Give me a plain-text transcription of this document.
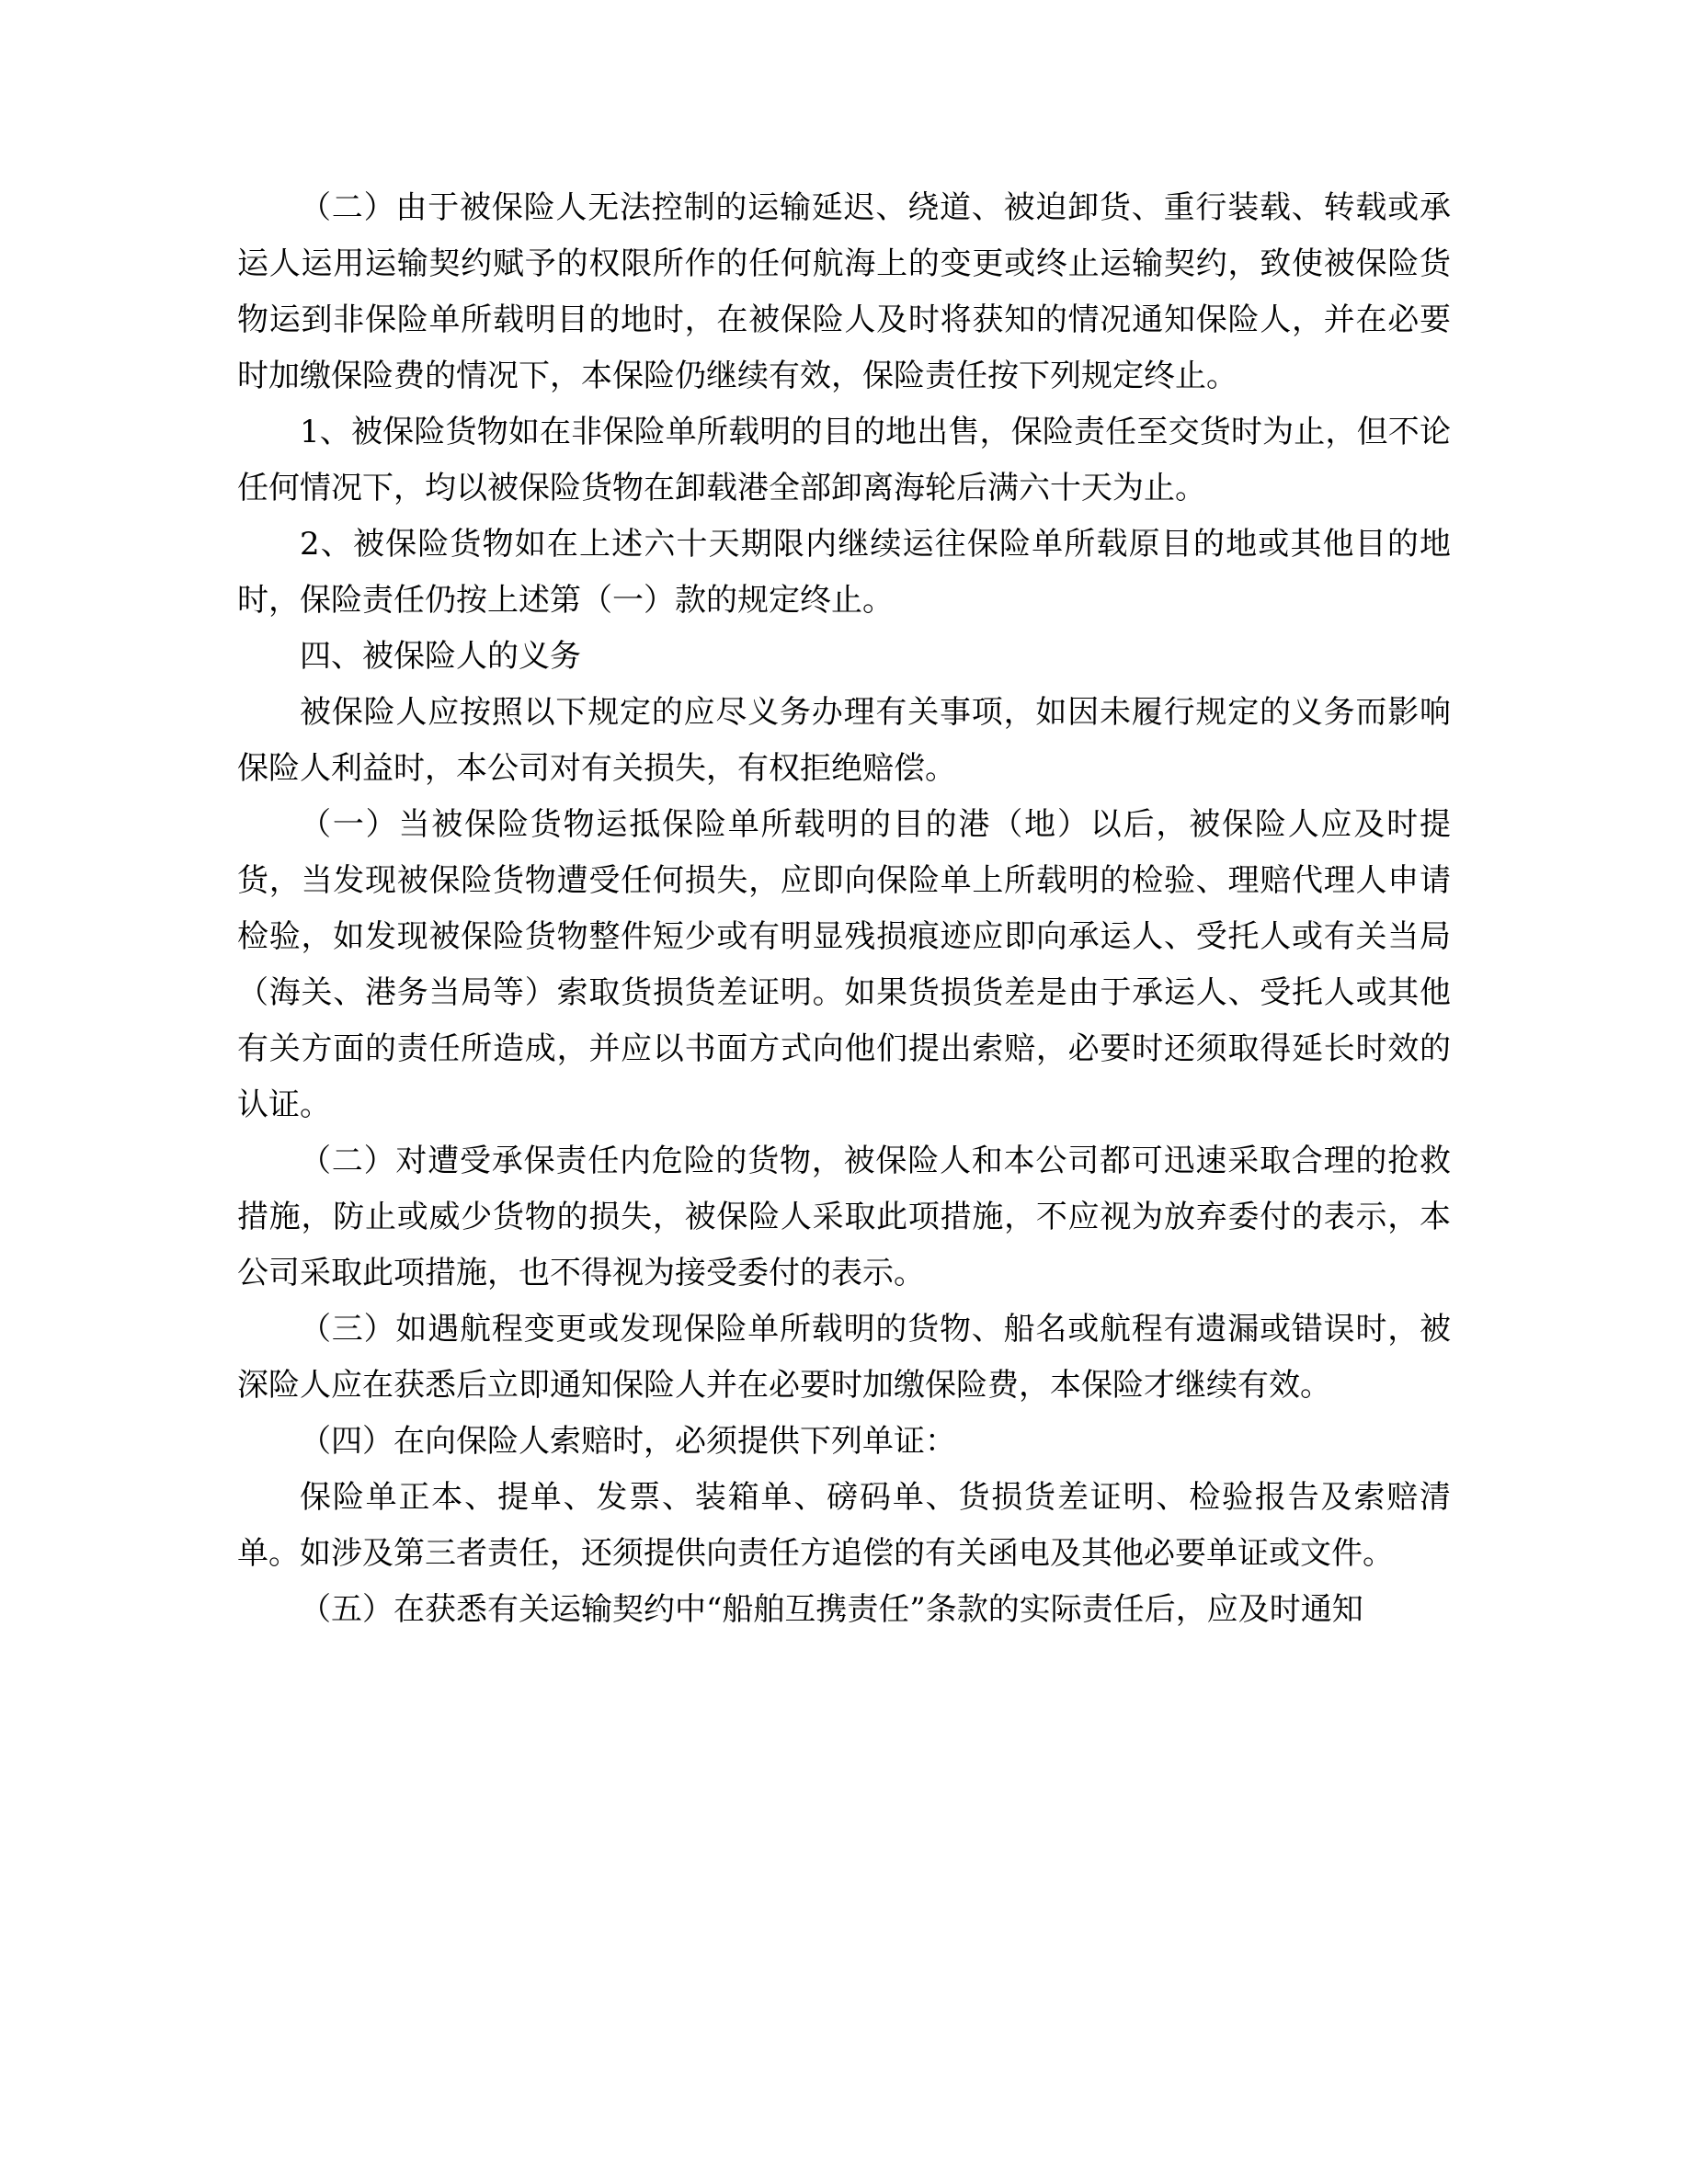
（二）由于被保险人无法控制的运输延迟、绕道、被迫卸货、重行装载、转载或承运人运用运输契约赋予的权限所作的任何航海上的变更或终止运输契约，致使被保险货物运到非保险单所载明目的地时，在被保险人及时将获知的情况通知保险人，并在必要时加缴保险费的情况下，本保险仍继续有效，保险责任按下列规定终止。

1、被保险货物如在非保险单所载明的目的地出售，保险责任至交货时为止，但不论任何情况下，均以被保险货物在卸载港全部卸离海轮后满六十天为止。

2、被保险货物如在上述六十天期限内继续运往保险单所载原目的地或其他目的地时，保险责任仍按上述第（一）款的规定终止。

四、被保险人的义务

被保险人应按照以下规定的应尽义务办理有关事项，如因未履行规定的义务而影响保险人利益时，本公司对有关损失，有权拒绝赔偿。

（一）当被保险货物运抵保险单所载明的目的港（地）以后，被保险人应及时提货，当发现被保险货物遭受任何损失，应即向保险单上所载明的检验、理赔代理人申请检验，如发现被保险货物整件短少或有明显残损痕迹应即向承运人、受托人或有关当局（海关、港务当局等）索取货损货差证明。如果货损货差是由于承运人、受托人或其他有关方面的责任所造成，并应以书面方式向他们提出索赔，必要时还须取得延长时效的认证。

（二）对遭受承保责任内危险的货物，被保险人和本公司都可迅速采取合理的抢救措施，防止或威少货物的损失，被保险人采取此项措施，不应视为放弃委付的表示，本公司采取此项措施，也不得视为接受委付的表示。

（三）如遇航程变更或发现保险单所载明的货物、船名或航程有遗漏或错误时，被深险人应在获悉后立即通知保险人并在必要时加缴保险费，本保险才继续有效。

（四）在向保险人索赔时，必须提供下列单证：

保险单正本、提单、发票、装箱单、磅码单、货损货差证明、检验报告及索赔清单。如涉及第三者责任，还须提供向责任方追偿的有关函电及其他必要单证或文件。

（五）在获悉有关运输契约中“船舶互携责任”条款的实际责任后，应及时通知
